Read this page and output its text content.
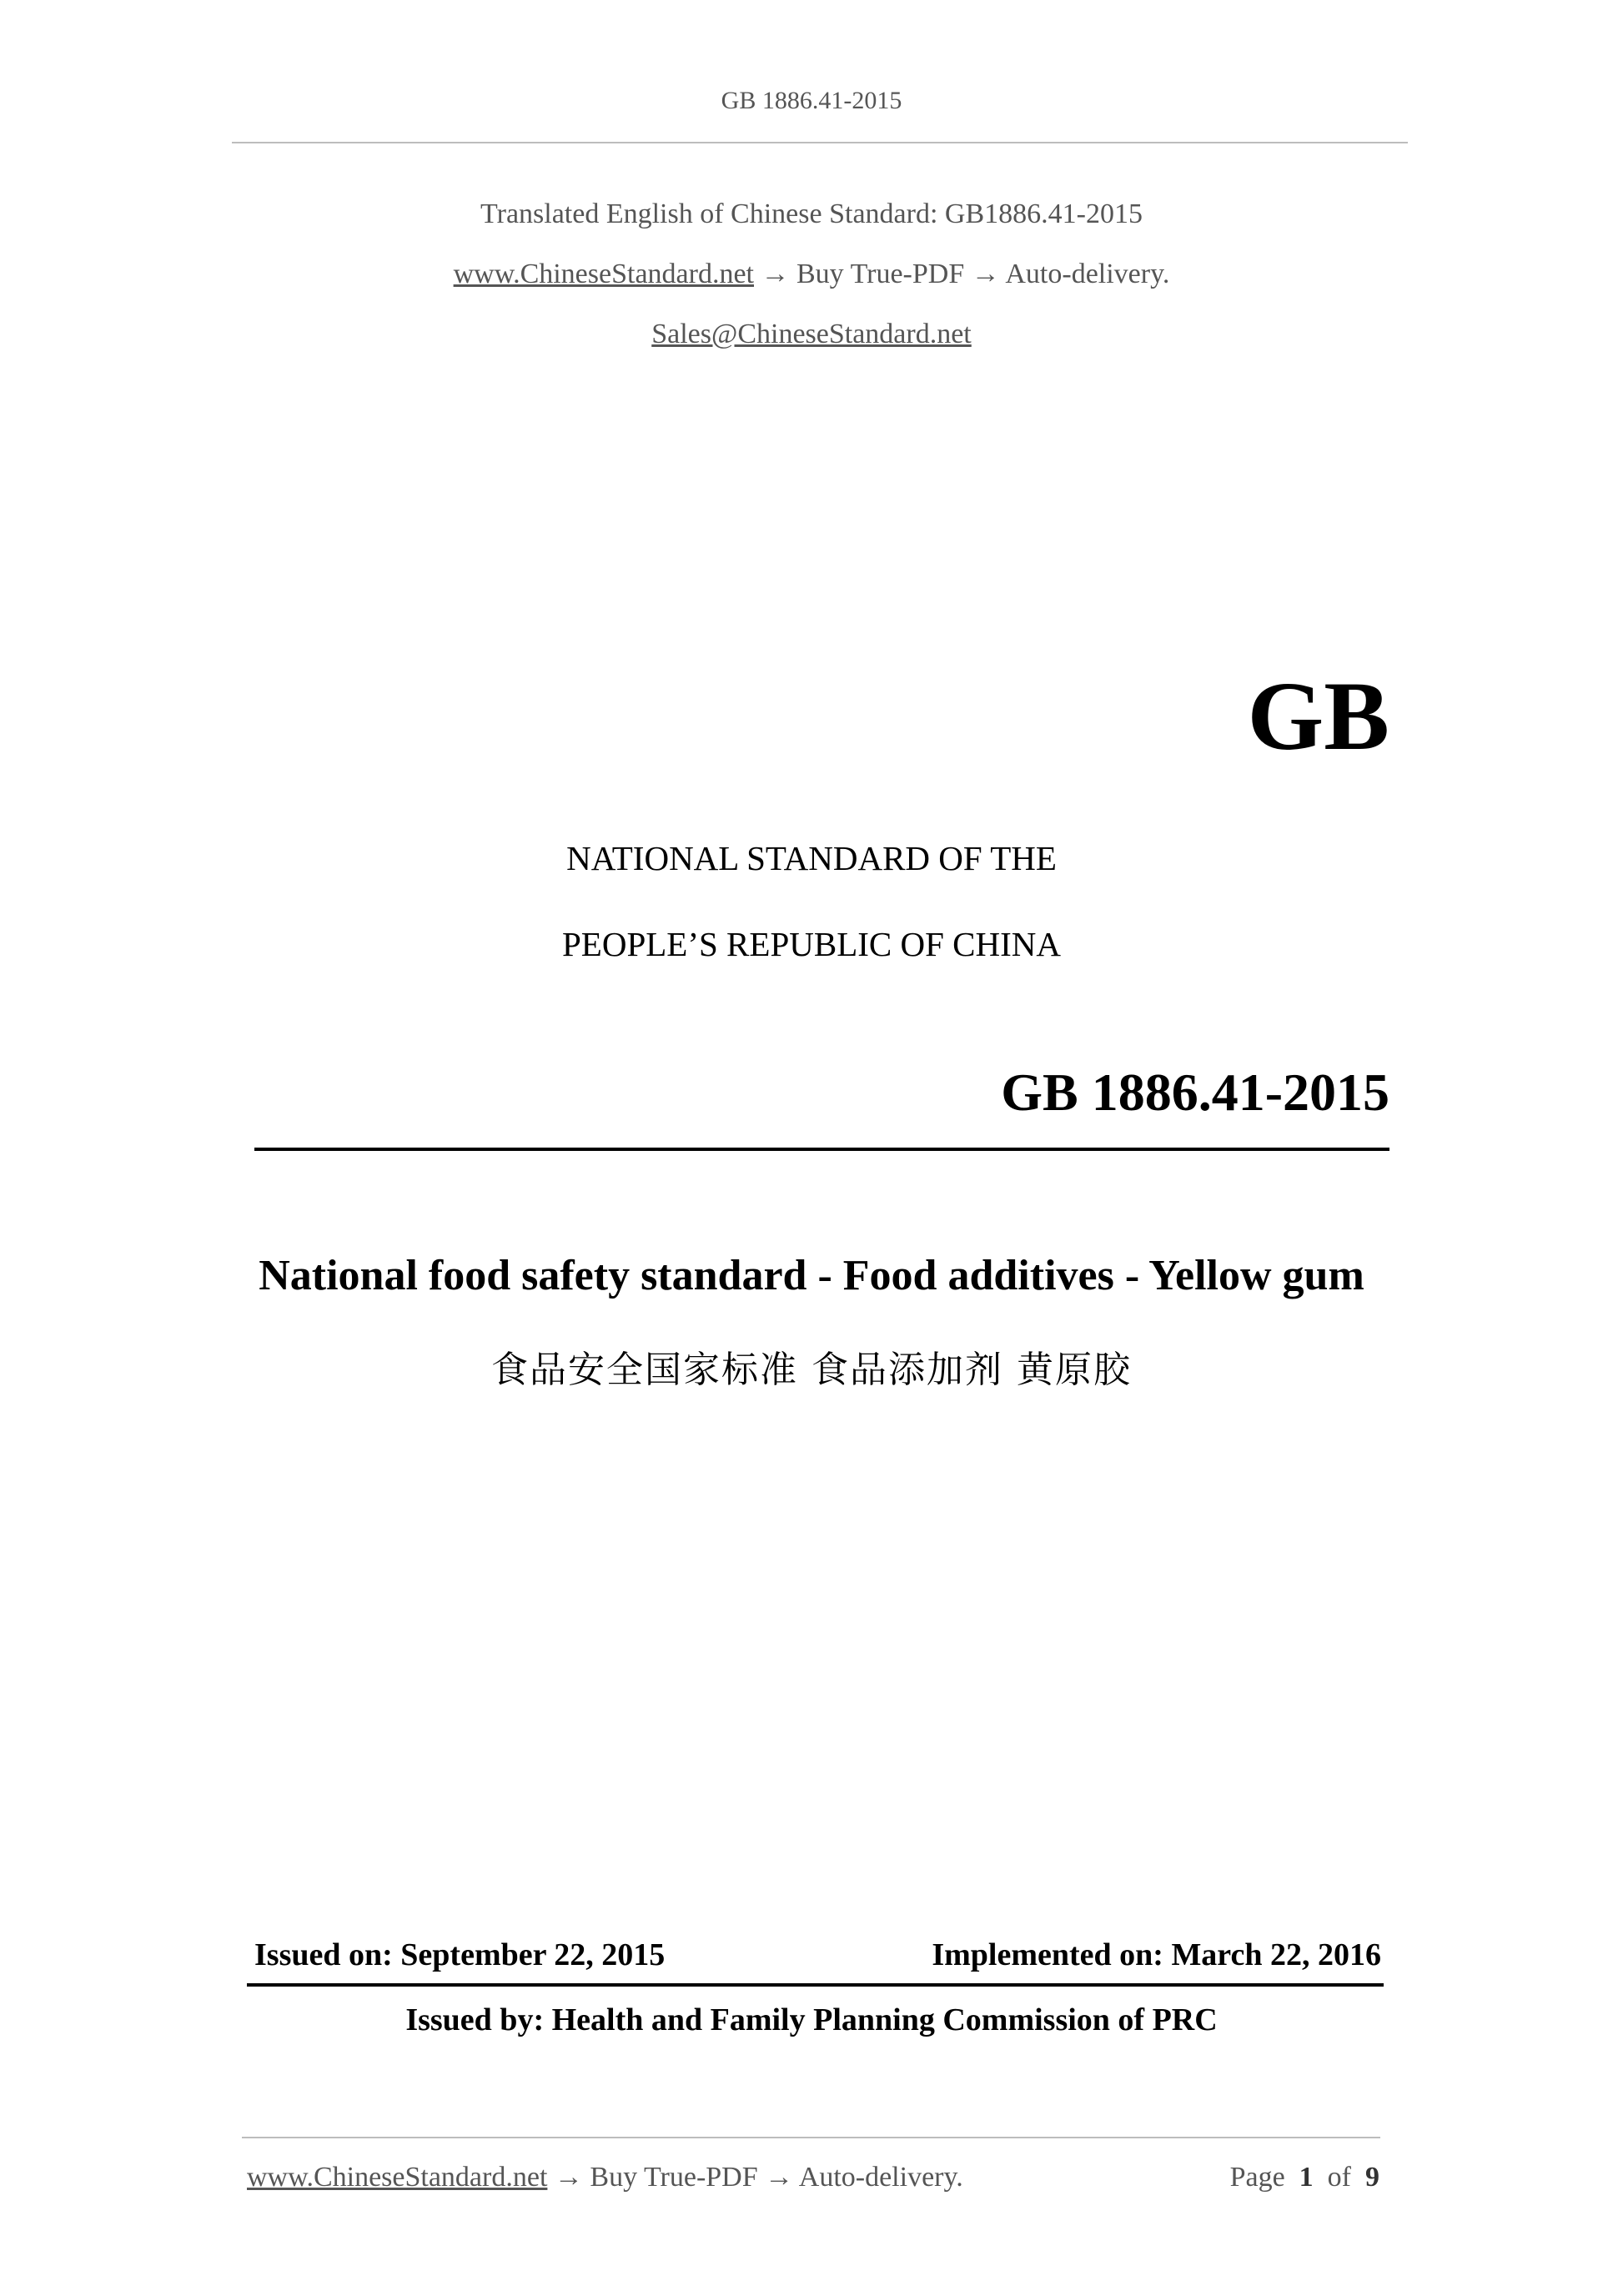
GB 1886.41-2015
Translated English of Chinese Standard: GB1886.41-2015
www.ChineseStandard.net → Buy True-PDF → Auto-delivery.
Sales@ChineseStandard.net
GB
NATIONAL STANDARD OF THE
PEOPLE’S REPUBLIC OF CHINA
GB 1886.41-2015
National food safety standard - Food additives - Yellow gum
食品安全国家标准 食品添加剂 黄原胶
Issued on: September 22, 2015	Implemented on: March 22, 2016
Issued by: Health and Family Planning Commission of PRC
www.ChineseStandard.net → Buy True-PDF → Auto-delivery.	Page 1 of 9
